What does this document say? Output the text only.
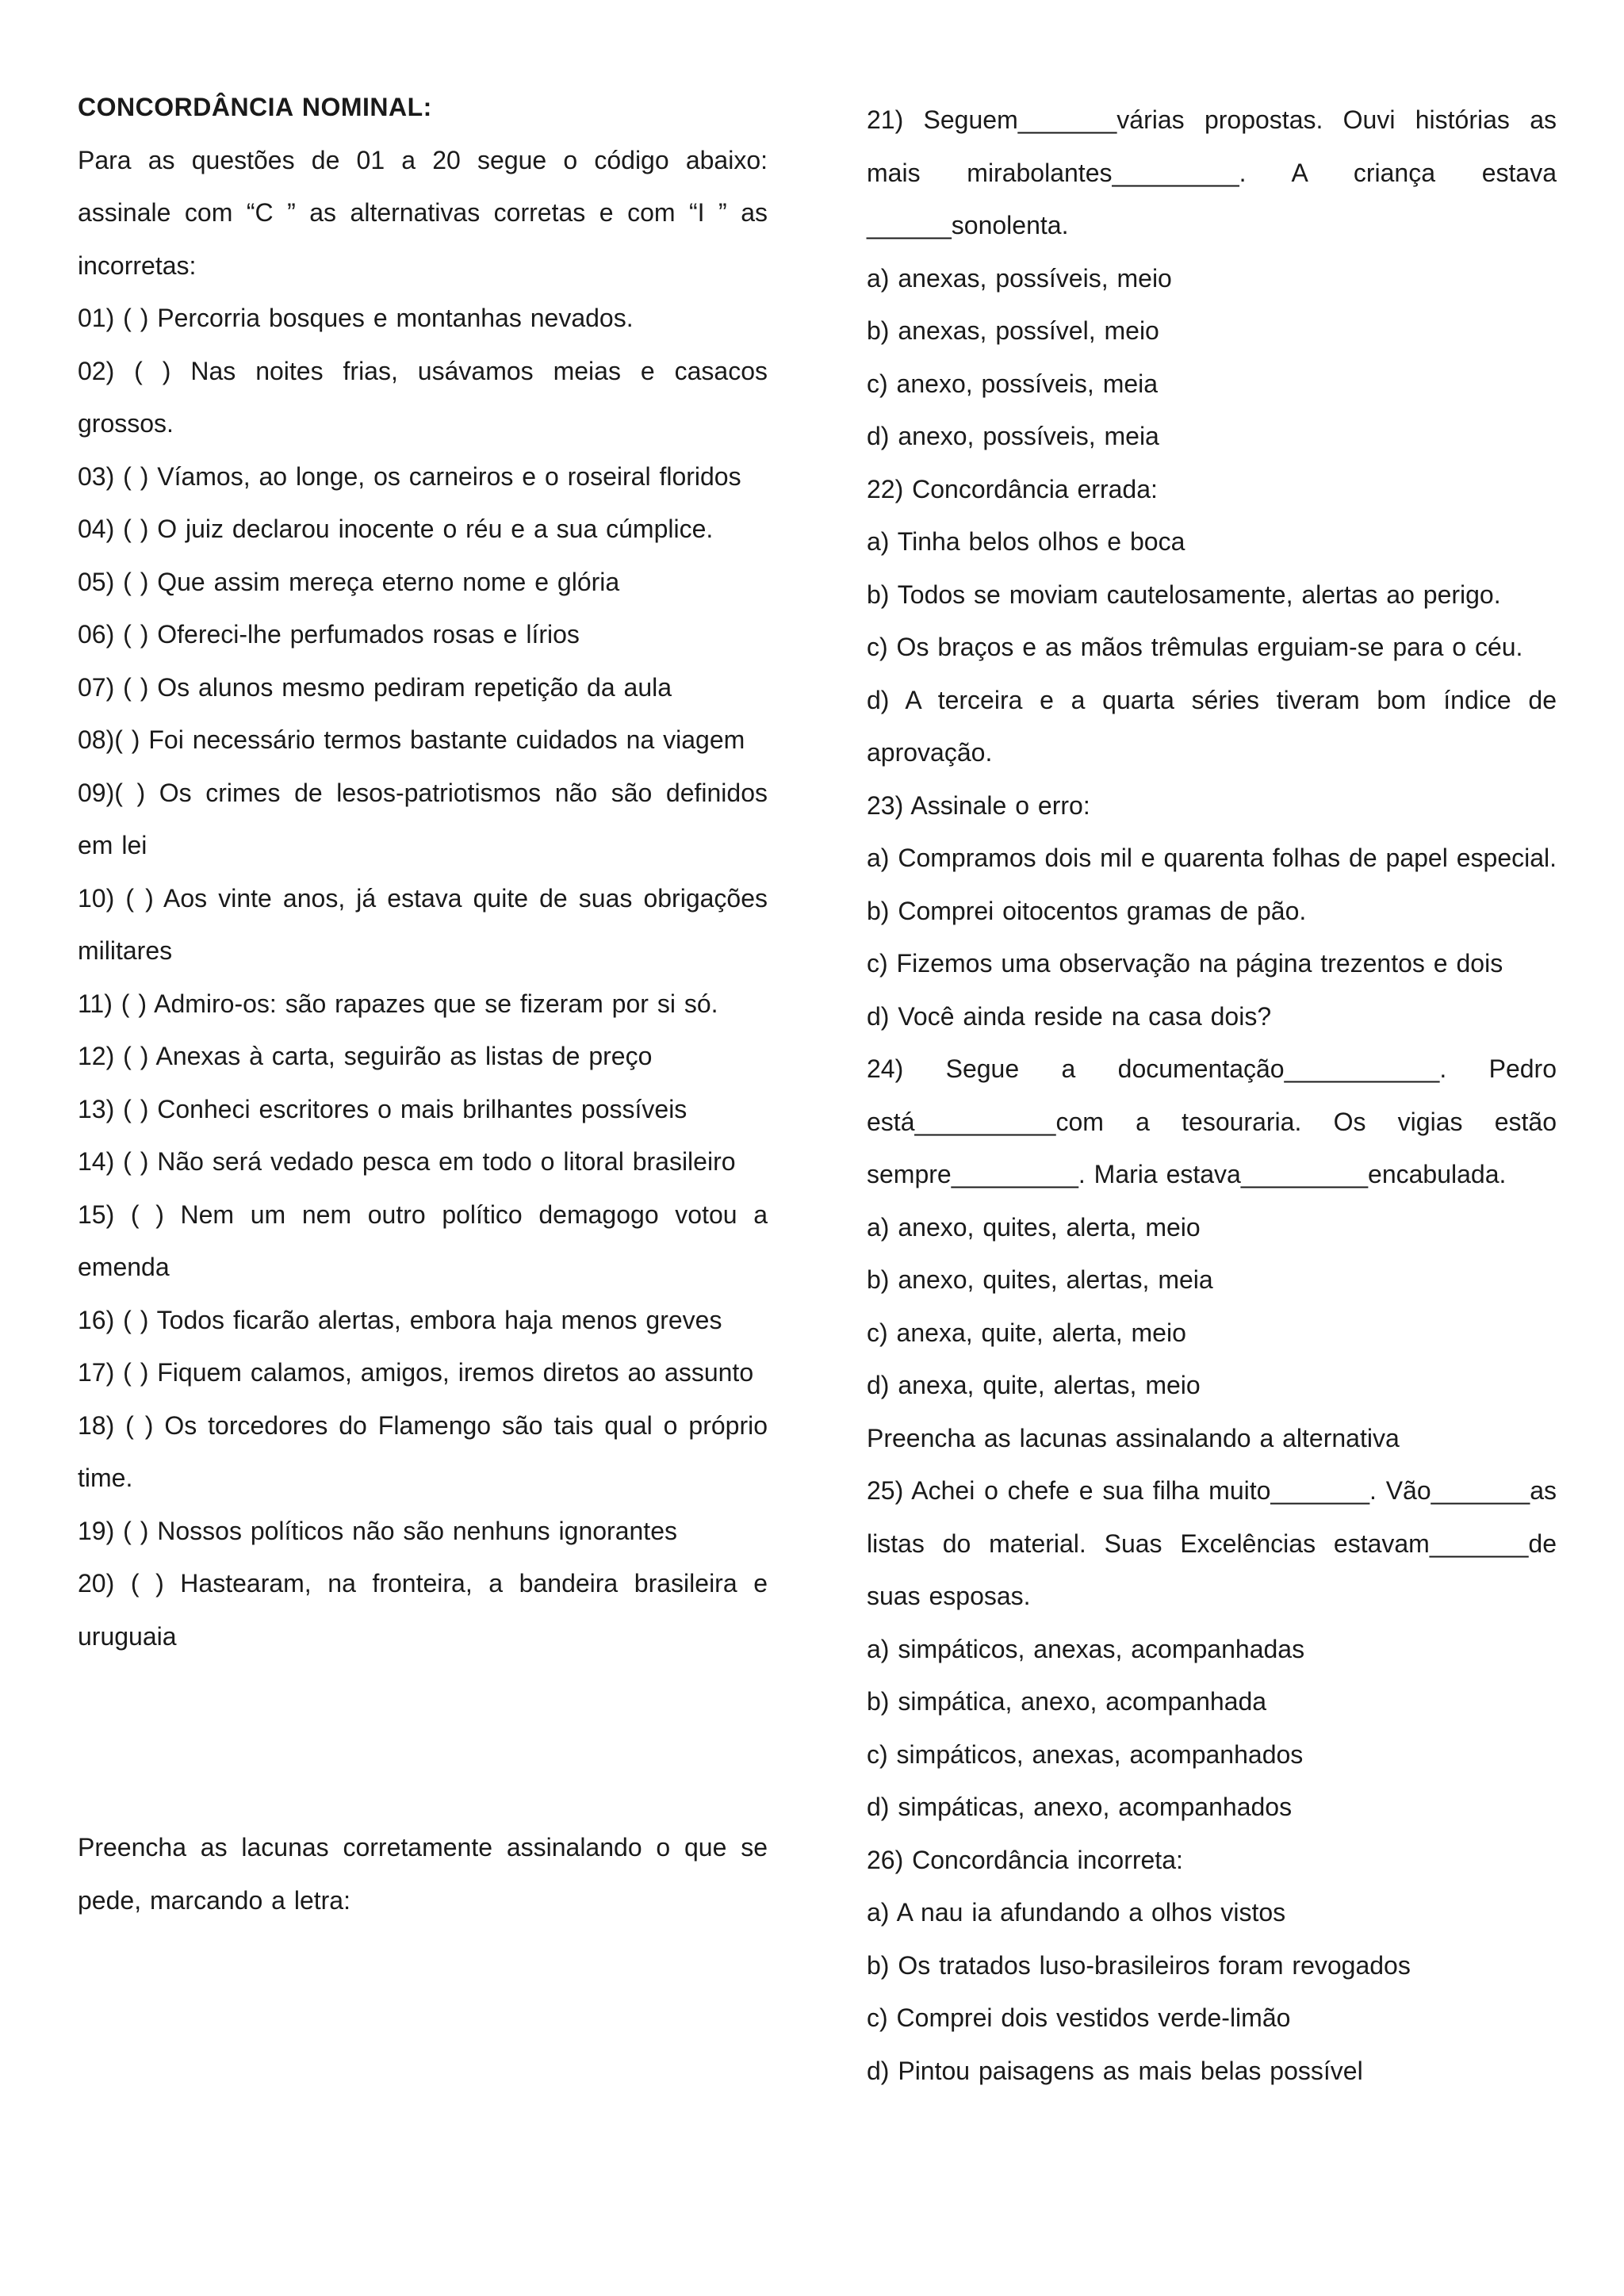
CONCORDÂNCIA NOMINAL:

Para as questões de 01 a 20 segue o código abaixo: assinale com “C ” as alternativas corretas e com “I ” as incorretas:

01) ( ) Percorria bosques e montanhas nevados.

02) ( ) Nas noites frias, usávamos meias e casacos grossos.

03) ( ) Víamos, ao longe, os carneiros e o roseiral floridos

04) ( ) O juiz declarou inocente o réu e a sua cúmplice.

05) ( ) Que assim mereça eterno nome e glória

06) ( ) Ofereci-lhe perfumados rosas e lírios

07) ( ) Os alunos mesmo pediram repetição da aula

08)( ) Foi necessário termos bastante cuidados na viagem

09)( ) Os crimes de lesos-patriotismos não são definidos em lei

10) ( ) Aos vinte anos, já estava quite de suas obrigações militares

11) ( ) Admiro-os: são rapazes que se fizeram por si só.

12) ( ) Anexas à carta, seguirão as listas de preço

13) ( ) Conheci escritores o mais brilhantes possíveis

14) ( ) Não será vedado pesca em todo o litoral brasileiro

15) ( ) Nem um nem outro político demagogo votou a emenda

16) ( ) Todos ficarão alertas, embora haja menos greves

17) ( ) Fiquem calamos, amigos, iremos diretos ao assunto

18) ( ) Os torcedores do Flamengo são tais qual o próprio time.

19) ( ) Nossos políticos não são nenhuns ignorantes

20) ( ) Hastearam, na fronteira, a bandeira brasileira e uruguaia

Preencha as lacunas corretamente assinalando o que se pede, marcando a letra:

21) Seguem_______várias propostas. Ouvi histórias as mais mirabolantes_________. A criança estava ______sonolenta.

a) anexas, possíveis, meio

b) anexas, possível, meio

c) anexo, possíveis, meia

d) anexo, possíveis, meia

22) Concordância errada:

a) Tinha belos olhos e boca

b) Todos se moviam cautelosamente, alertas ao perigo.

c) Os braços e as mãos trêmulas erguiam-se para o céu.

d) A terceira e a quarta séries tiveram bom índice de aprovação.

23) Assinale o erro:

a) Compramos dois mil e quarenta folhas de papel especial.

b) Comprei oitocentos gramas de pão.

c) Fizemos uma observação na página trezentos e dois

d) Você ainda reside na casa dois?

24) Segue a documentação___________. Pedro está__________com a tesouraria. Os vigias estão sempre_________. Maria estava_________encabulada.

a) anexo, quites, alerta, meio

b) anexo, quites, alertas, meia

c) anexa, quite, alerta, meio

d) anexa, quite, alertas, meio

Preencha as lacunas assinalando a alternativa

25) Achei o chefe e sua filha muito_______. Vão_______as listas do material. Suas Excelências estavam_______de suas esposas.

a) simpáticos, anexas, acompanhadas

b) simpática, anexo, acompanhada

c) simpáticos, anexas, acompanhados

d) simpáticas, anexo, acompanhados

26) Concordância incorreta:

a) A nau ia afundando a olhos vistos

b) Os tratados luso-brasileiros foram revogados

c) Comprei dois vestidos verde-limão

d) Pintou paisagens as mais belas possível
